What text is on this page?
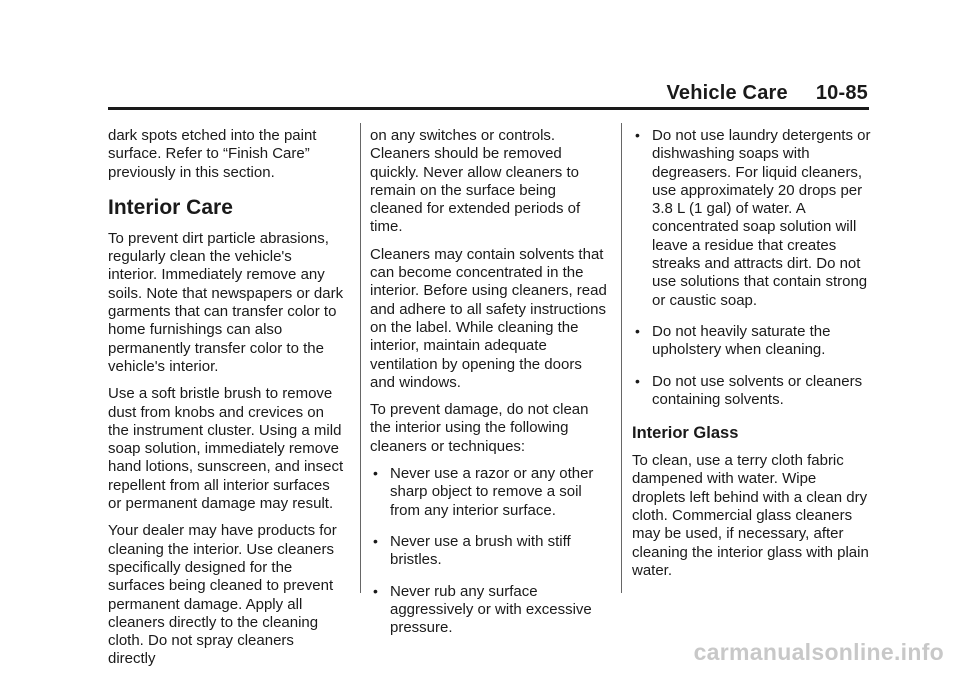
Vehicle Care 10-85

dark spots etched into the paint surface. Refer to “Finish Care” previously in this section.

Interior Care

To prevent dirt particle abrasions, regularly clean the vehicle's interior. Immediately remove any soils. Note that newspapers or dark garments that can transfer color to home furnishings can also permanently transfer color to the vehicle's interior.

Use a soft bristle brush to remove dust from knobs and crevices on the instrument cluster. Using a mild soap solution, immediately remove hand lotions, sunscreen, and insect repellent from all interior surfaces or permanent damage may result.

Your dealer may have products for cleaning the interior. Use cleaners specifically designed for the surfaces being cleaned to prevent permanent damage. Apply all cleaners directly to the cleaning cloth. Do not spray cleaners directly

on any switches or controls. Cleaners should be removed quickly. Never allow cleaners to remain on the surface being cleaned for extended periods of time.

Cleaners may contain solvents that can become concentrated in the interior. Before using cleaners, read and adhere to all safety instructions on the label. While cleaning the interior, maintain adequate ventilation by opening the doors and windows.

To prevent damage, do not clean the interior using the following cleaners or techniques:

• Never use a razor or any other sharp object to remove a soil from any interior surface.
• Never use a brush with stiff bristles.
• Never rub any surface aggressively or with excessive pressure.
• Do not use laundry detergents or dishwashing soaps with degreasers. For liquid cleaners, use approximately 20 drops per 3.8 L (1 gal) of water. A concentrated soap solution will leave a residue that creates streaks and attracts dirt. Do not use solutions that contain strong or caustic soap.
• Do not heavily saturate the upholstery when cleaning.
• Do not use solvents or cleaners containing solvents.
Interior Glass

To clean, use a terry cloth fabric dampened with water. Wipe droplets left behind with a clean dry cloth. Commercial glass cleaners may be used, if necessary, after cleaning the interior glass with plain water.

carmanualsonline.info
